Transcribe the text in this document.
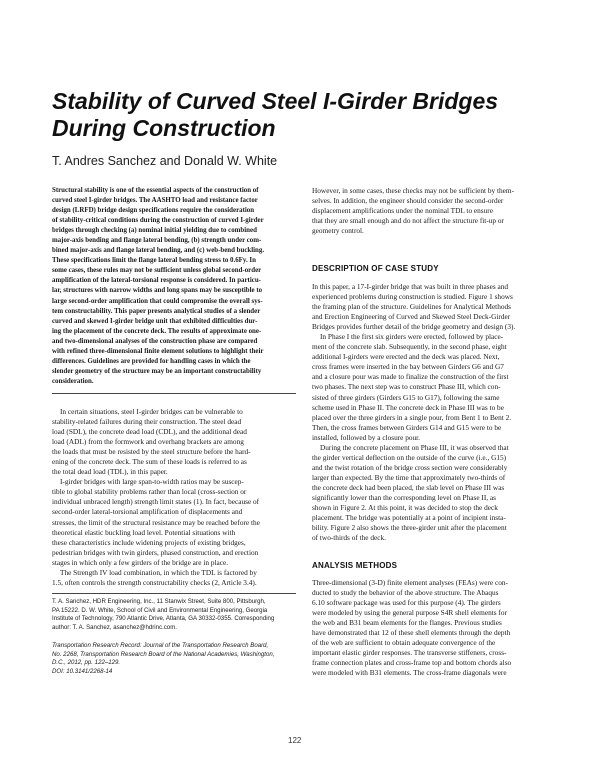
Stability of Curved Steel I-Girder Bridges
During Construction
T. Andres Sanchez and Donald W. White
Structural stability is one of the essential aspects of the construction of
curved steel I-girder bridges. The AASHTO load and resistance factor
design (LRFD) bridge design specifications require the consideration
of stability-critical conditions during the construction of curved I-girder
bridges through checking (a) nominal initial yielding due to combined
major-axis bending and flange lateral bending, (b) strength under com-
bined major-axis and flange lateral bending, and (c) web-bend buckling.
These specifications limit the flange lateral bending stress to 0.6Fy. In
some cases, these rules may not be sufficient unless global second-order
amplification of the lateral-torsional response is considered. In particu-
lar, structures with narrow widths and long spans may be susceptible to
large second-order amplification that could compromise the overall sys-
tem constructability. This paper presents analytical studies of a slender
curved and skewed I-girder bridge unit that exhibited difficulties dur-
ing the placement of the concrete deck. The results of approximate one-
and two-dimensional analyses of the construction phase are compared
with refined three-dimensional finite element solutions to highlight their
differences. Guidelines are provided for handling cases in which the
slender geometry of the structure may be an important constructability
consideration.
In certain situations, steel I-girder bridges can be vulnerable to
stability-related failures during their construction. The steel dead
load (SDL), the concrete dead load (CDL), and the additional dead
load (ADL) from the formwork and overhang brackets are among
the loads that must be resisted by the steel structure before the hard-
ening of the concrete deck. The sum of these loads is referred to as
the total dead load (TDL), in this paper.
I-girder bridges with large span-to-width ratios may be suscep-
tible to global stability problems rather than local (cross-section or
individual unbraced length) strength limit states (1). In fact, because of
second-order lateral-torsional amplification of displacements and
stresses, the limit of the structural resistance may be reached before the
theoretical elastic buckling load level. Potential situations with
these characteristics include widening projects of existing bridges,
pedestrian bridges with twin girders, phased construction, and erection
stages in which only a few girders of the bridge are in place.
The Strength IV load combination, in which the TDL is factored by
1.5, often controls the strength constructability checks (2, Article 3.4).
T. A. Sanchez, HDR Engineering, Inc., 11 Stanwix Street, Suite 800, Pittsburgh,
PA 15222. D. W. White, School of Civil and Environmental Engineering, Georgia
Institute of Technology, 790 Atlantic Drive, Atlanta, GA 30332-0355. Corresponding
author: T. A. Sanchez, asanchez@hdrinc.com.
Transportation Research Record: Journal of the Transportation Research Board,
No. 2268, Transportation Research Board of the National Academies, Washington,
D.C., 2012, pp. 122–129.
DOI: 10.3141/2268-14
However, in some cases, these checks may not be sufficient by them-
selves. In addition, the engineer should consider the second-order
displacement amplifications under the nominal TDL to ensure
that they are small enough and do not affect the structure fit-up or
geometry control.
DESCRIPTION OF CASE STUDY
In this paper, a 17-I-girder bridge that was built in three phases and
experienced problems during construction is studied. Figure 1 shows
the framing plan of the structure. Guidelines for Analytical Methods
and Erection Engineering of Curved and Skewed Steel Deck-Girder
Bridges provides further detail of the bridge geometry and design (3).
In Phase I the first six girders were erected, followed by place-
ment of the concrete slab. Subsequently, in the second phase, eight
additional I-girders were erected and the deck was placed. Next,
cross frames were inserted in the bay between Girders G6 and G7
and a closure pour was made to finalize the construction of the first
two phases. The next step was to construct Phase III, which con-
sisted of three girders (Girders G15 to G17), following the same
scheme used in Phase II. The concrete deck in Phase III was to be
placed over the three girders in a single pour, from Bent 1 to Bent 2.
Then, the cross frames between Girders G14 and G15 were to be
installed, followed by a closure pour.
During the concrete placement on Phase III, it was observed that
the girder vertical deflection on the outside of the curve (i.e., G15)
and the twist rotation of the bridge cross section were considerably
larger than expected. By the time that approximately two-thirds of
the concrete deck had been placed, the slab level on Phase III was
significantly lower than the corresponding level on Phase II, as
shown in Figure 2. At this point, it was decided to stop the deck
placement. The bridge was potentially at a point of incipient insta-
bility. Figure 2 also shows the three-girder unit after the placement
of two-thirds of the deck.
ANALYSIS METHODS
Three-dimensional (3-D) finite element analyses (FEAs) were con-
ducted to study the behavior of the above structure. The Abaqus
6.10 software package was used for this purpose (4). The girders
were modeled by using the general purpose S4R shell elements for
the web and B31 beam elements for the flanges. Previous studies
have demonstrated that 12 of these shell elements through the depth
of the web are sufficient to obtain adequate convergence of the
important elastic girder responses. The transverse stiffeners, cross-
frame connection plates and cross-frame top and bottom chords also
were modeled with B31 elements. The cross-frame diagonals were
122
